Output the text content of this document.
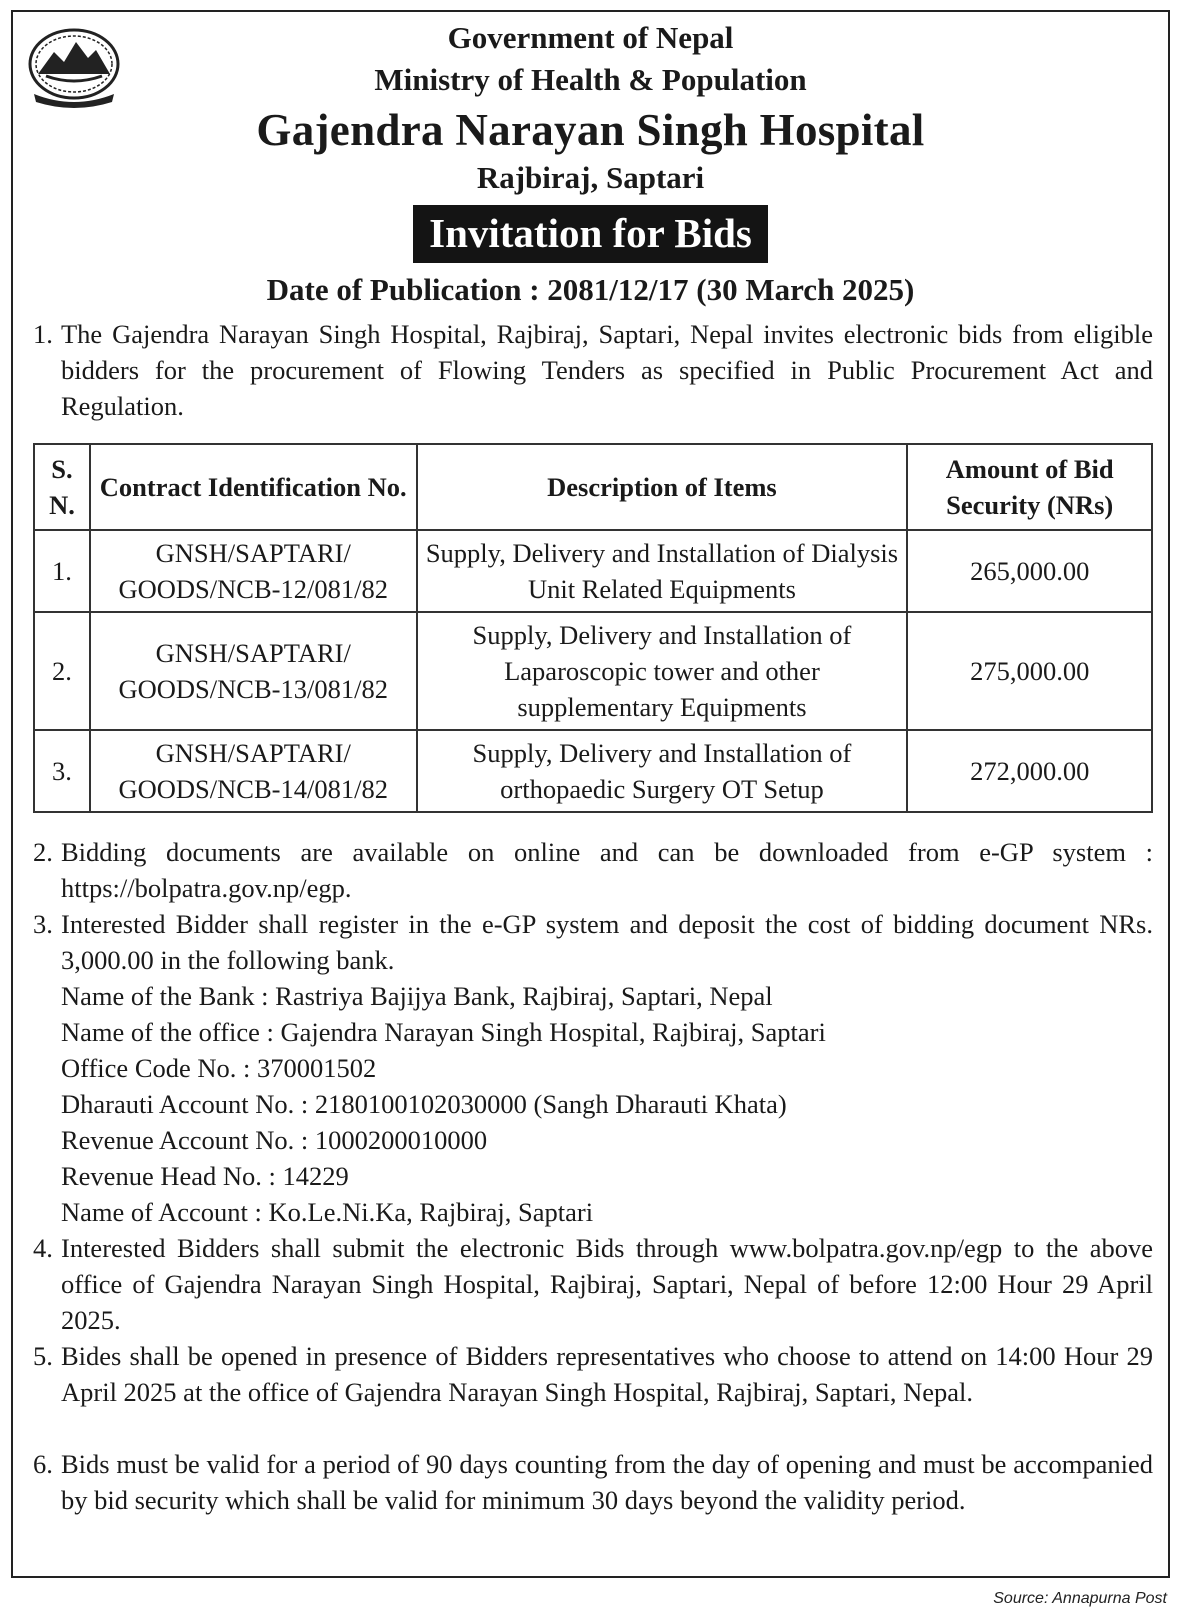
Government of Nepal
Ministry of Health & Population
Gajendra Narayan Singh Hospital
Rajbiraj, Saptari
Invitation for Bids
Date of Publication : 2081/12/17 (30 March 2025)
1. The Gajendra Narayan Singh Hospital, Rajbiraj, Saptari, Nepal invites electronic bids from eligible bidders for the procurement of Flowing Tenders as specified in Public Procurement Act and Regulation.
S. N.	Contract Identification No.	Description of Items	Amount of Bid Security (NRs)
1.	GNSH/SAPTARI/ GOODS/NCB-12/081/82	Supply, Delivery and Installation of Dialysis Unit Related Equipments	265,000.00
2.	GNSH/SAPTARI/ GOODS/NCB-13/081/82	Supply, Delivery and Installation of Laparoscopic tower and other supplementary Equipments	275,000.00
3.	GNSH/SAPTARI/ GOODS/NCB-14/081/82	Supply, Delivery and Installation of orthopaedic Surgery OT Setup	272,000.00
2. Bidding documents are available on online and can be downloaded from e-GP system : https://bolpatra.gov.np/egp.
3. Interested Bidder shall register in the e-GP system and deposit the cost of bidding document NRs. 3,000.00 in the following bank.
Name of the Bank : Rastriya Bajijya Bank, Rajbiraj, Saptari, Nepal
Name of the office : Gajendra Narayan Singh Hospital, Rajbiraj, Saptari
Office Code No. : 370001502
Dharauti Account No. : 2180100102030000 (Sangh Dharauti Khata)
Revenue Account No. : 1000200010000
Revenue Head No. : 14229
Name of Account : Ko.Le.Ni.Ka, Rajbiraj, Saptari
4. Interested Bidders shall submit the electronic Bids through www.bolpatra.gov.np/egp to the above office of Gajendra Narayan Singh Hospital, Rajbiraj, Saptari, Nepal of before 12:00 Hour 29 April 2025.
5. Bides shall be opened in presence of Bidders representatives who choose to attend on 14:00 Hour 29 April 2025 at the office of Gajendra Narayan Singh Hospital, Rajbiraj, Saptari, Nepal.
6. Bids must be valid for a period of 90 days counting from the day of opening and must be accompanied by bid security which shall be valid for minimum 30 days beyond the validity period.
Source: Annapurna Post
